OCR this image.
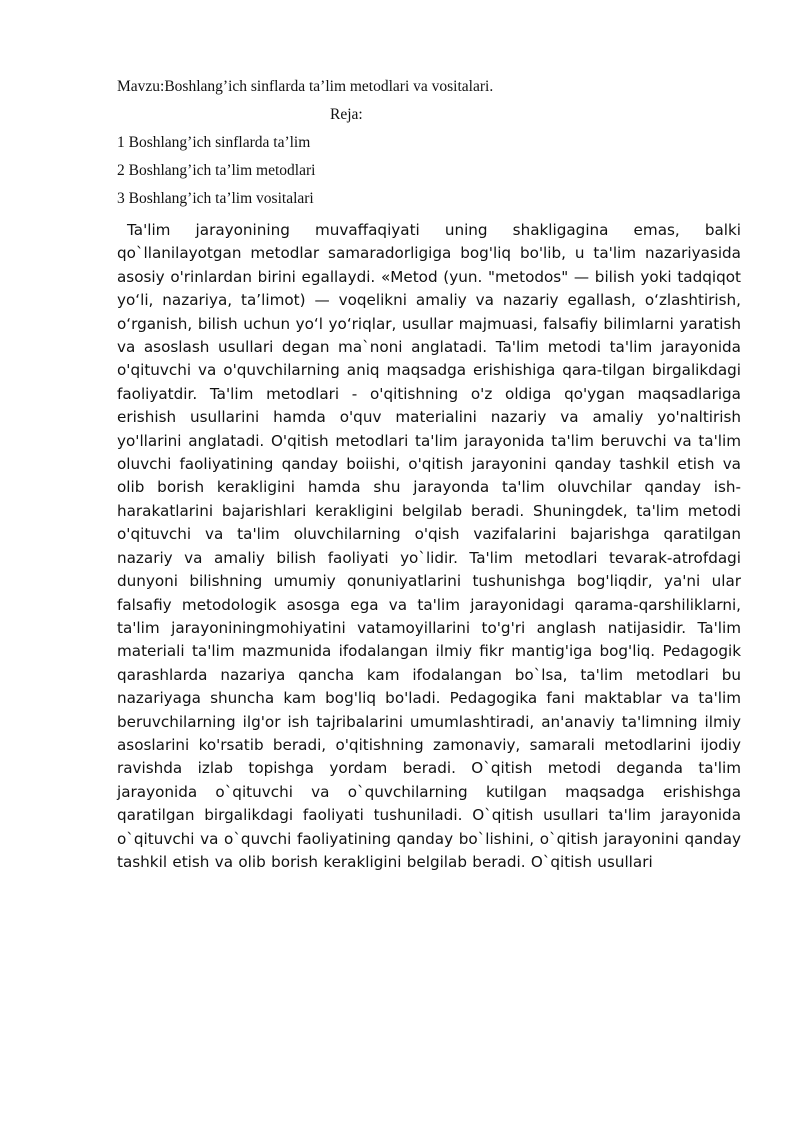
Mavzu:Boshlang’ich sinflarda ta’lim metodlari va vositalari.

Reja:

1 Boshlang’ich sinflarda ta’lim

2 Boshlang’ich ta’lim metodlari

3 Boshlang’ich ta’lim vositalari

Ta'lim jarayonining muvaffaqiyati uning shakligagina emas, balki qo`llanilayotgan metodlar samaradorligiga bog'liq bo'lib, u ta'lim nazariyasida asosiy o'rinlardan birini egallaydi. «Metod (yun. "metodos" — bilish yoki tadqiqot yo‘li, nazariya, ta’limot) — voqelikni amaliy va nazariy egallash, o‘zlashtirish, o‘rganish, bilish uchun yo‘l yo‘riqlar, usullar majmuasi, falsafiy bilimlarni yaratish va asoslash usullari degan ma`noni anglatadi. Ta'lim metodi ta'lim jarayonida o'qituvchi va o'quvchilarning aniq maqsadga erishishiga qara-tilgan birgalikdagi faoliyatdir. Ta'lim metodlari - o'qitishning o'z oldiga qo'ygan maqsadlariga erishish usullarini hamda o'quv materialini nazariy va amaliy yo'naltirish yo'llarini anglatadi. O'qitish metodlari ta'lim jarayonida ta'lim beruvchi va ta'lim oluvchi faoliyatining qanday boiishi, o'qitish jarayonini qanday tashkil etish va olib borish kerakligini hamda shu jarayonda ta'lim oluvchilar qanday ish-harakatlarini bajarishlari kerakligini belgilab beradi. Shuningdek, ta'lim metodi o'qituvchi va ta'lim oluvchilarning o'qish vazifalarini bajarishga qaratilgan nazariy va amaliy bilish faoliyati yo`lidir. Ta'lim metodlari tevarak-atrofdagi dunyoni bilishning umumiy qonuniyatlarini tushunishga bog'liqdir, ya'ni ular falsafiy metodologik asosga ega va ta'lim jarayonidagi qarama-qarshiliklarni, ta'lim jarayoniningmohiyatini vatamoyillarini to'g'ri anglash natijasidir. Ta'lim materiali ta'lim mazmunida ifodalangan ilmiy fikr mantig'iga bog'liq. Pedagogik qarashlarda nazariya qancha kam ifodalangan bo`lsa, ta'lim metodlari bu nazariyaga shuncha kam bog'liq bo'ladi. Pedagogika fani maktablar va ta'lim beruvchilarning ilg'or ish tajribalarini umumlashtiradi, an'anaviy ta'limning ilmiy asoslarini ko'rsatib beradi, o'qitishning zamonaviy, samarali metodlarini ijodiy ravishda izlab topishga yordam beradi. O`qitish metodi deganda ta'lim jarayonida o`qituvchi va o`quvchilarning kutilgan maqsadga erishishga qaratilgan birgalikdagi faoliyati tushuniladi. O`qitish usullari ta'lim jarayonida o`qituvchi va o`quvchi faoliyatining qanday bo`lishini, o`qitish jarayonini qanday tashkil etish va olib borish kerakligini belgilab beradi. O`qitish usullari
